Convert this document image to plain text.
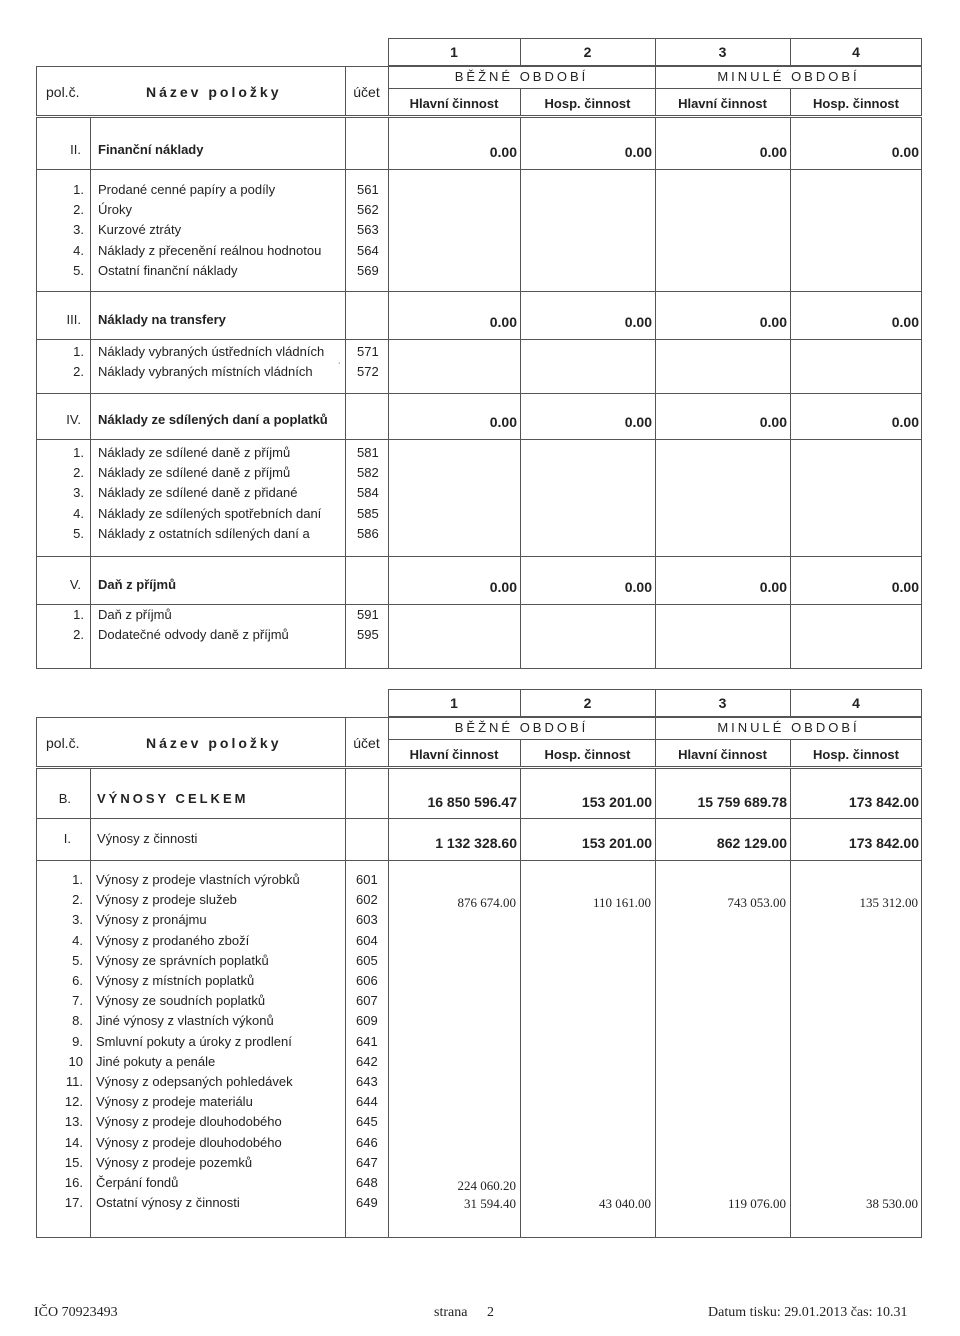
1	2	3	4
pol.č.	Název položky	účet
BĚŽNÉ OBDOBÍ	MINULÉ OBDOBÍ
Hlavní činnost	Hosp. činnost	Hlavní činnost	Hosp. činnost
II. Finanční náklady	0.00	0.00	0.00	0.00
1. Prodané cenné papíry a podíly	561
2. Úroky	562
3. Kurzové ztráty	563
4. Náklady z přecenění reálnou hodnotou	564
5. Ostatní finanční náklady	569
III. Náklady na transfery	0.00	0.00	0.00	0.00
1. Náklady vybraných ústředních vládních	571
2. Náklady vybraných místních vládních	572
IV. Náklady ze sdílených daní a poplatků	0.00	0.00	0.00	0.00
1. Náklady ze sdílené daně z příjmů	581
2. Náklady ze sdílené daně z příjmů	582
3. Náklady ze sdílené daně z přidané	584
4. Náklady ze sdílených spotřebních daní	585
5. Náklady z ostatních sdílených daní a	586
V. Daň z příjmů	0.00	0.00	0.00	0.00
1. Daň z příjmů	591
2. Dodatečné odvody daně z příjmů	595
˙
1	2	3	4
pol.č.	Název položky	účet
BĚŽNÉ OBDOBÍ	MINULÉ OBDOBÍ
Hlavní činnost	Hosp. činnost	Hlavní činnost	Hosp. činnost
B. VÝNOSY CELKEM	16 850 596.47	153 201.00	15 759 689.78	173 842.00
I. Výnosy z činnosti	1 132 328.60	153 201.00	862 129.00	173 842.00
1. Výnosy z prodeje vlastních výrobků	601
2. Výnosy z prodeje služeb	602	876 674.00	110 161.00	743 053.00	135 312.00
3. Výnosy z pronájmu	603
4. Výnosy z prodaného zboží	604
5. Výnosy ze správních poplatků	605
6. Výnosy z místních poplatků	606
7. Výnosy ze soudních poplatků	607
8. Jiné výnosy z vlastních výkonů	609
9. Smluvní pokuty a úroky z prodlení	641
10 Jiné pokuty a penále	642
11. Výnosy z odepsaných pohledávek	643
12. Výnosy z prodeje materiálu	644
13. Výnosy z prodeje dlouhodobého	645
14. Výnosy z prodeje dlouhodobého	646
15. Výnosy z prodeje pozemků	647
16. Čerpání fondů	648	224 060.20
17. Ostatní výnosy z činnosti	649	31 594.40	43 040.00	119 076.00	38 530.00
IČO 70923493	strana 2	Datum tisku: 29.01.2013 čas: 10.31
